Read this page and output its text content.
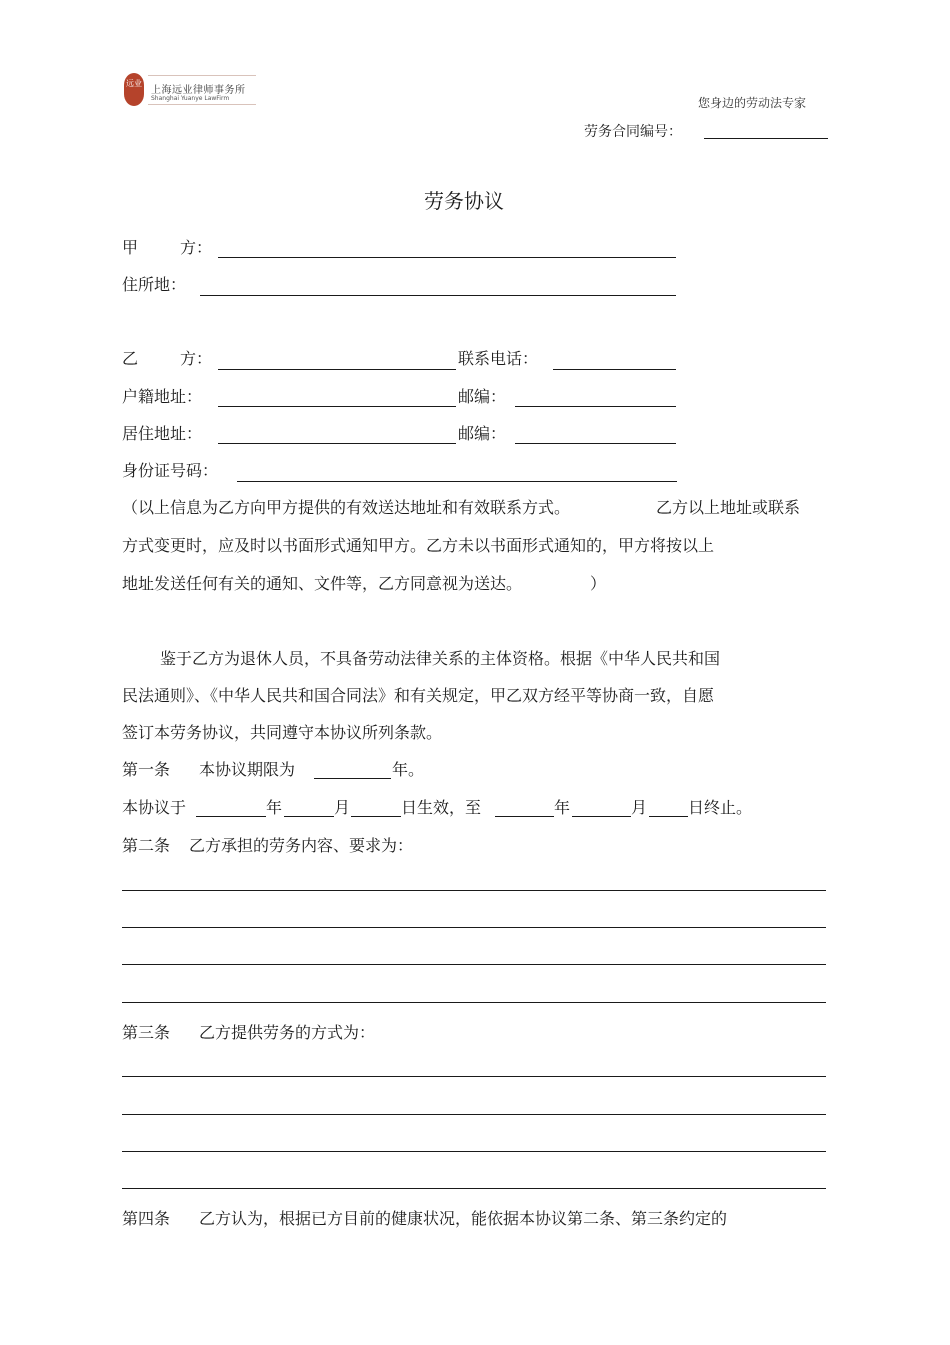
远业
上海远业律师事务所
Shanghai Yuanye LawFirm	您身边的劳动法专家
劳务合同编号：
劳务协议
甲	方：
住所地：
乙	方：	联系电话：
户籍地址：	邮编：
居住地址：	邮编：
身份证号码：
（以上信息为乙方向甲方提供的有效送达地址和有效联系方式。	乙方以上地址或联系
方式变更时，应及时以书面形式通知甲方。乙方未以书面形式通知的，甲方将按以上
地址发送任何有关的通知、文件等，乙方同意视为送达。	）
鉴于乙方为退休人员，不具备劳动法律关系的主体资格。根据《中华人民共和国
民法通则》、《中华人民共和国合同法》和有关规定，甲乙双方经平等协商一致，自愿
签订本劳务协议，共同遵守本协议所列条款。
第一条 本协议期限为	年。
本协议于	年	月	日生效，至	年	月	日终止。
第二条 乙方承担的劳务内容、要求为：
第三条 乙方提供劳务的方式为：
第四条 乙方认为，根据已方目前的健康状况，能依据本协议第二条、第三条约定的
